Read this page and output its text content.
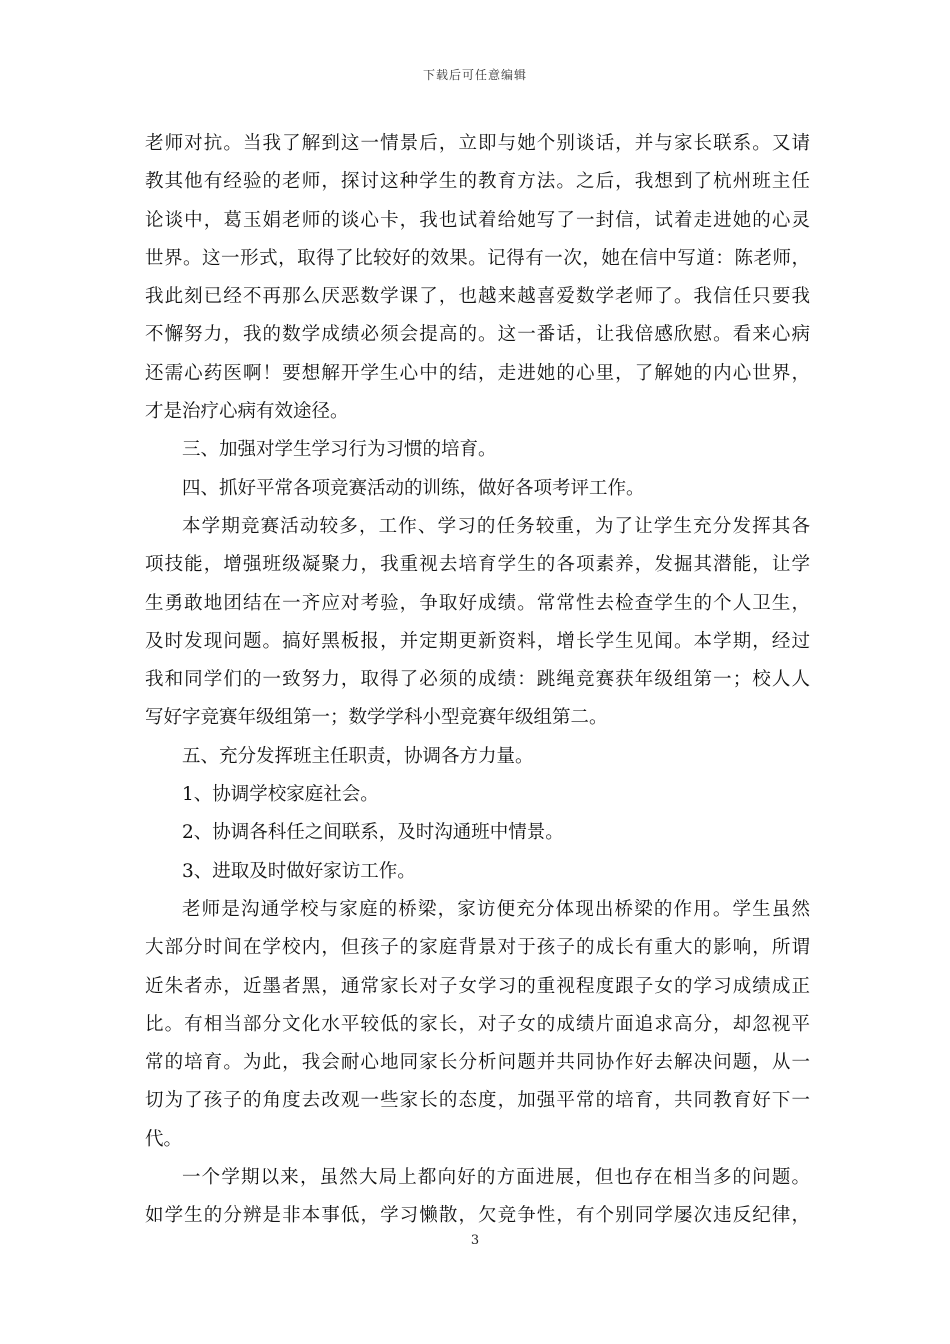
下载后可任意编辑
老师对抗。当我了解到这一情景后，立即与她个别谈话，并与家长联系。又请
教其他有经验的老师，探讨这种学生的教育方法。之后，我想到了杭州班主任
论谈中，葛玉娟老师的谈心卡，我也试着给她写了一封信，试着走进她的心灵
世界。这一形式，取得了比较好的效果。记得有一次，她在信中写道：陈老师，
我此刻已经不再那么厌恶数学课了，也越来越喜爱数学老师了。我信任只要我
不懈努力，我的数学成绩必须会提高的。这一番话，让我倍感欣慰。看来心病
还需心药医啊！要想解开学生心中的结，走进她的心里，了解她的内心世界，
才是治疗心病有效途径。
三、加强对学生学习行为习惯的培育。
四、抓好平常各项竞赛活动的训练，做好各项考评工作。
本学期竞赛活动较多，工作、学习的任务较重，为了让学生充分发挥其各
项技能，增强班级凝聚力，我重视去培育学生的各项素养，发掘其潜能，让学
生勇敢地团结在一齐应对考验，争取好成绩。常常性去检查学生的个人卫生，
及时发现问题。搞好黑板报，并定期更新资料，增长学生见闻。本学期，经过
我和同学们的一致努力，取得了必须的成绩：跳绳竞赛获年级组第一；校人人
写好字竞赛年级组第一；数学学科小型竞赛年级组第二。
五、充分发挥班主任职责，协调各方力量。
1、协调学校家庭社会。
2、协调各科任之间联系，及时沟通班中情景。
3、进取及时做好家访工作。
老师是沟通学校与家庭的桥梁，家访便充分体现出桥梁的作用。学生虽然
大部分时间在学校内，但孩子的家庭背景对于孩子的成长有重大的影响，所谓
近朱者赤，近墨者黑，通常家长对子女学习的重视程度跟子女的学习成绩成正
比。有相当部分文化水平较低的家长，对子女的成绩片面追求高分，却忽视平
常的培育。为此，我会耐心地同家长分析问题并共同协作好去解决问题，从一
切为了孩子的角度去改观一些家长的态度，加强平常的培育，共同教育好下一
代。
一个学期以来，虽然大局上都向好的方面进展，但也存在相当多的问题。
如学生的分辨是非本事低，学习懒散，欠竞争性，有个别同学屡次违反纪律，
3
